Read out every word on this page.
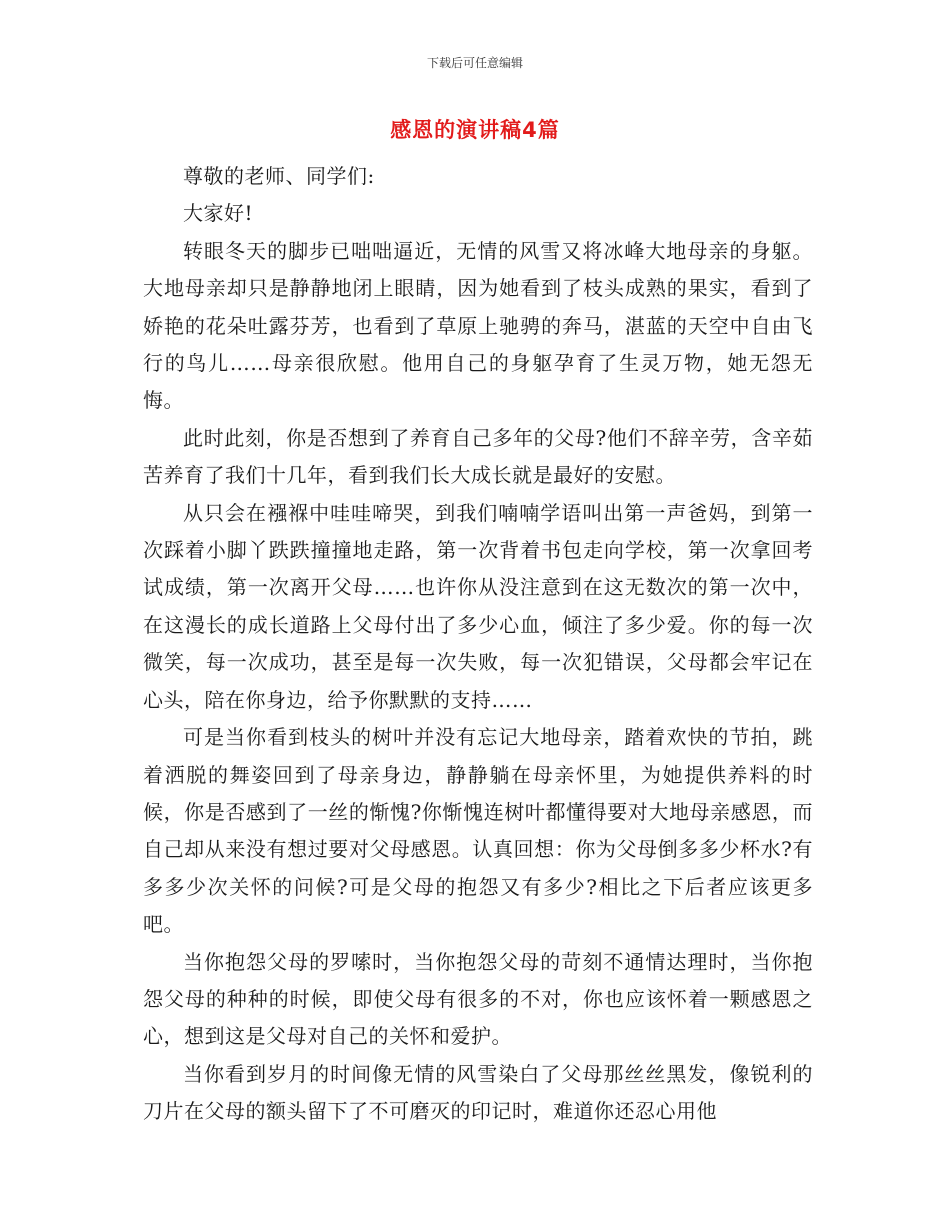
下载后可任意编辑
感恩的演讲稿4篇

尊敬的老师、同学们:

大家好!

转眼冬天的脚步已咄咄逼近，无情的风雪又将冰峰大地母亲的身躯。大地母亲却只是静静地闭上眼睛，因为她看到了枝头成熟的果实，看到了娇艳的花朵吐露芬芳，也看到了草原上驰骋的奔马，湛蓝的天空中自由飞行的鸟儿……母亲很欣慰。他用自己的身躯孕育了生灵万物，她无怨无悔。

此时此刻，你是否想到了养育自己多年的父母?他们不辞辛劳，含辛茹苦养育了我们十几年，看到我们长大成长就是最好的安慰。

从只会在襁褓中哇哇啼哭，到我们喃喃学语叫出第一声爸妈，到第一次踩着小脚丫跌跌撞撞地走路，第一次背着书包走向学校，第一次拿回考试成绩，第一次离开父母……也许你从没注意到在这无数次的第一次中，在这漫长的成长道路上父母付出了多少心血，倾注了多少爱。你的每一次微笑，每一次成功，甚至是每一次失败，每一次犯错误，父母都会牢记在心头，陪在你身边，给予你默默的支持……

可是当你看到枝头的树叶并没有忘记大地母亲，踏着欢快的节拍，跳着洒脱的舞姿回到了母亲身边，静静躺在母亲怀里，为她提供养料的时候，你是否感到了一丝的惭愧?你惭愧连树叶都懂得要对大地母亲感恩，而自己却从来没有想过要对父母感恩。认真回想：你为父母倒多多少杯水?有多多少次关怀的问候?可是父母的抱怨又有多少?相比之下后者应该更多吧。

当你抱怨父母的罗嗦时，当你抱怨父母的苛刻不通情达理时，当你抱怨父母的种种的时候，即使父母有很多的不对，你也应该怀着一颗感恩之心，想到这是父母对自己的关怀和爱护。

当你看到岁月的时间像无情的风雪染白了父母那丝丝黑发，像锐利的刀片在父母的额头留下了不可磨灭的印记时，难道你还忍心用他
